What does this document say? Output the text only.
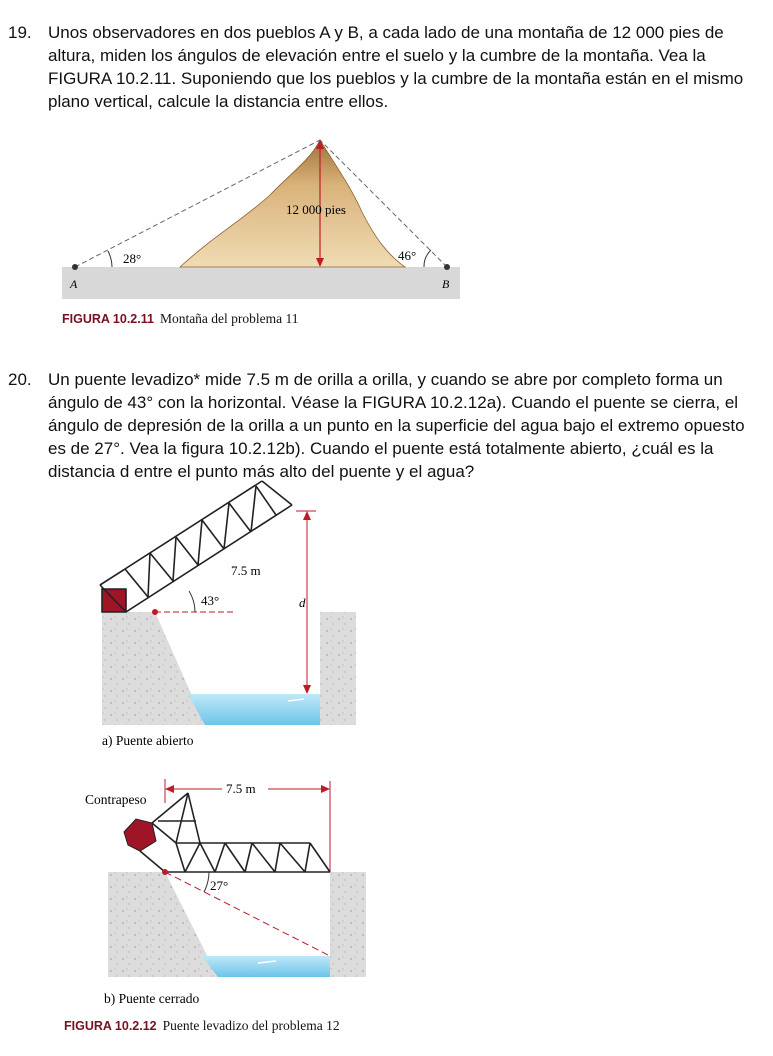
19. Unos observadores en dos pueblos A y B, a cada lado de una montaña de 12 000 pies de altura, miden los ángulos de elevación entre el suelo y la cumbre de la montaña. Vea la FIGURA 10.2.11. Suponiendo que los pueblos y la cumbre de la montaña están en el mismo plano vertical, calcule la distancia entre ellos.
12 000 pies
28°	46°
A	B
FIGURA 10.2.11 Montaña del problema 11
20. Un puente levadizo* mide 7.5 m de orilla a orilla, y cuando se abre por completo forma un ángulo de 43° con la horizontal. Véase la FIGURA 10.2.12a). Cuando el puente se cierra, el ángulo de depresión de la orilla a un punto en la superficie del agua bajo el extremo opuesto es de 27°. Vea la figura 10.2.12b). Cuando el puente está totalmente abierto, ¿cuál es la distancia d entre el punto más alto del puente y el agua?
43°
7.5 m
d
a) Puente abierto
Contrapeso
7.5 m
27°
b) Puente cerrado
FIGURA 10.2.12 Puente levadizo del problema 12
